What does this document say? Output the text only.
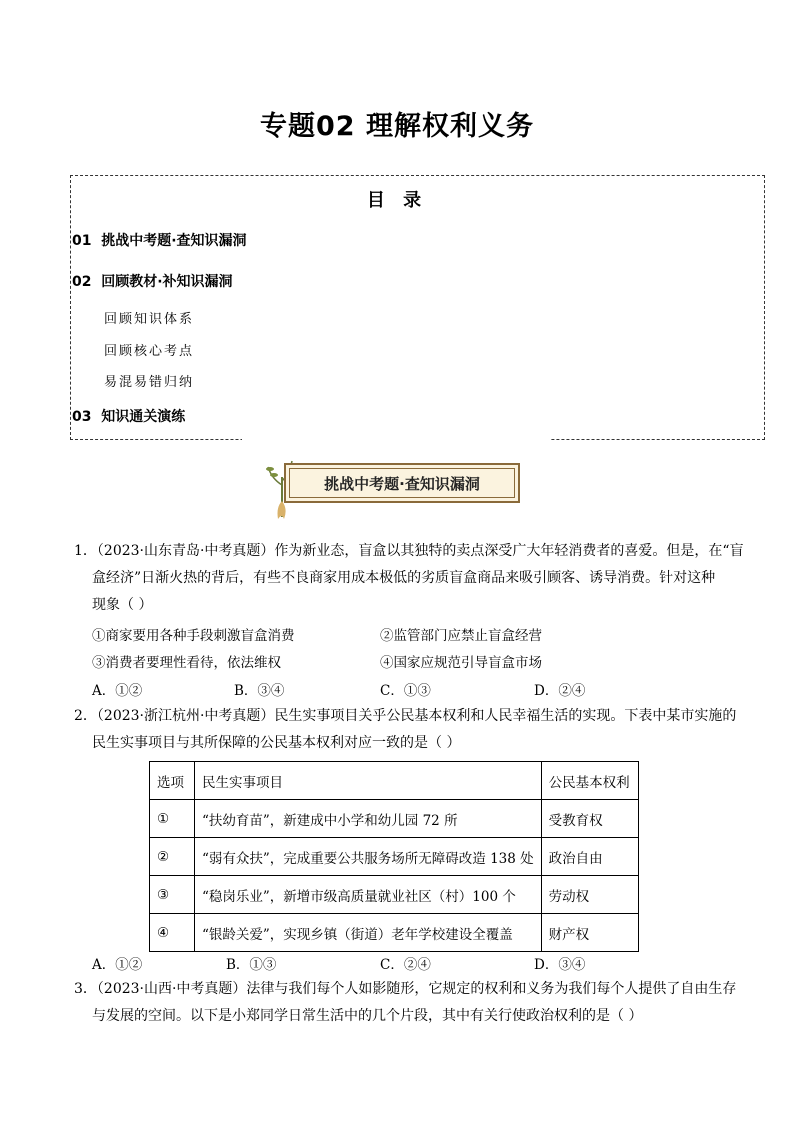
专题02 理解权利义务
目 录
01 挑战中考题·查知识漏洞
02 回顾教材·补知识漏洞
回顾知识体系
回顾核心考点
易混易错归纳
03 知识通关演练
挑战中考题·查知识漏洞
1．（2023·山东青岛·中考真题）作为新业态，盲盒以其独特的卖点深受广大年轻消费者的喜爱。但是，在“盲
盒经济”日渐火热的背后，有些不良商家用成本极低的劣质盲盒商品来吸引顾客、诱导消费。针对这种
现象（ ）
①商家要用各种手段刺激盲盒消费	②监管部门应禁止盲盒经营
③消费者要理性看待，依法维权	④国家应规范引导盲盒市场
A．①②	B．③④	C．①③	D．②④
2．（2023·浙江杭州·中考真题）民生实事项目关乎公民基本权利和人民幸福生活的实现。下表中某市实施的
民生实事项目与其所保障的公民基本权利对应一致的是（ ）
选项	民生实事项目	公民基本权利
①	“扶幼育苗”，新建成中小学和幼儿园 72 所	受教育权
②	“弱有众扶”，完成重要公共服务场所无障碍改造 138 处	政治自由
③	“稳岗乐业”，新增市级高质量就业社区（村）100 个	劳动权
④	“银龄关爱”，实现乡镇（街道）老年学校建设全覆盖	财产权
A．①②	B．①③	C．②④	D．③④
3．（2023·山西·中考真题）法律与我们每个人如影随形，它规定的权利和义务为我们每个人提供了自由生存
与发展的空间。以下是小郑同学日常生活中的几个片段，其中有关行使政治权利的是（ ）
